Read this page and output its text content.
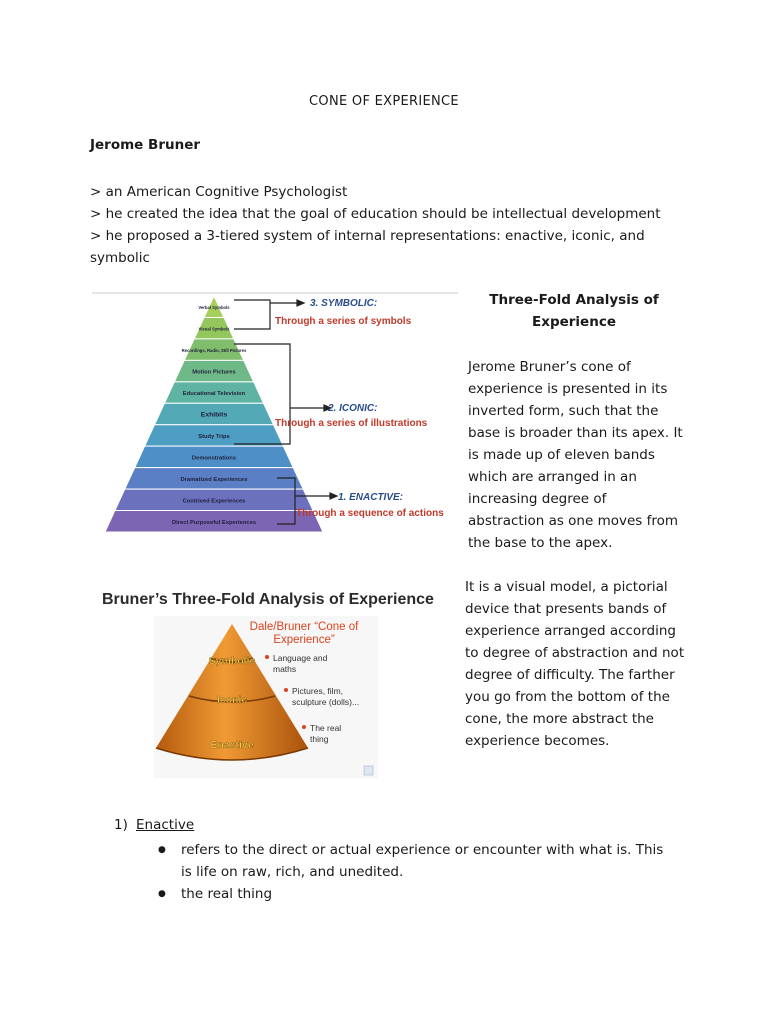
CONE OF EXPERIENCE
Jerome Bruner
> an American Cognitive Psychologist
> he created the idea that the goal of education should be intellectual development
> he proposed a 3-tiered system of internal representations: enactive, iconic, and symbolic
Verbal Symbols
Visual Symbols
Recordings, Radio, Still Pictures
Motion Pictures
Educational Television
Exhibits
Study Trips
Demonstrations
Dramatized Experiences
Contrived Experiences
Direct Purposeful Experiences
3. SYMBOLIC:
Through a series of symbols
2. ICONIC:
Through a series of illustrations
1. ENACTIVE:
Through a sequence of actions
Bruner’s Three-Fold Analysis of Experience
Dale/Bruner “Cone of
Experience”
Symbolic
Iconic
Enactive
Language and
maths
Pictures, film,
sculpture (dolls)...
The real
thing
Three-Fold Analysis of
Experience
Jerome Bruner’s cone of experience is presented in its inverted form, such that the base is broader than its apex. It is made up of eleven bands which are arranged in an increasing degree of abstraction as one moves from the base to the apex.
It is a visual model, a pictorial device that presents bands of experience arranged according to degree of abstraction and not degree of difficulty. The farther you go from the bottom of the cone, the more abstract the experience becomes.
1) Enactive
● refers to the direct or actual experience or encounter with what is. This is life on raw, rich, and unedited.
● the real thing
